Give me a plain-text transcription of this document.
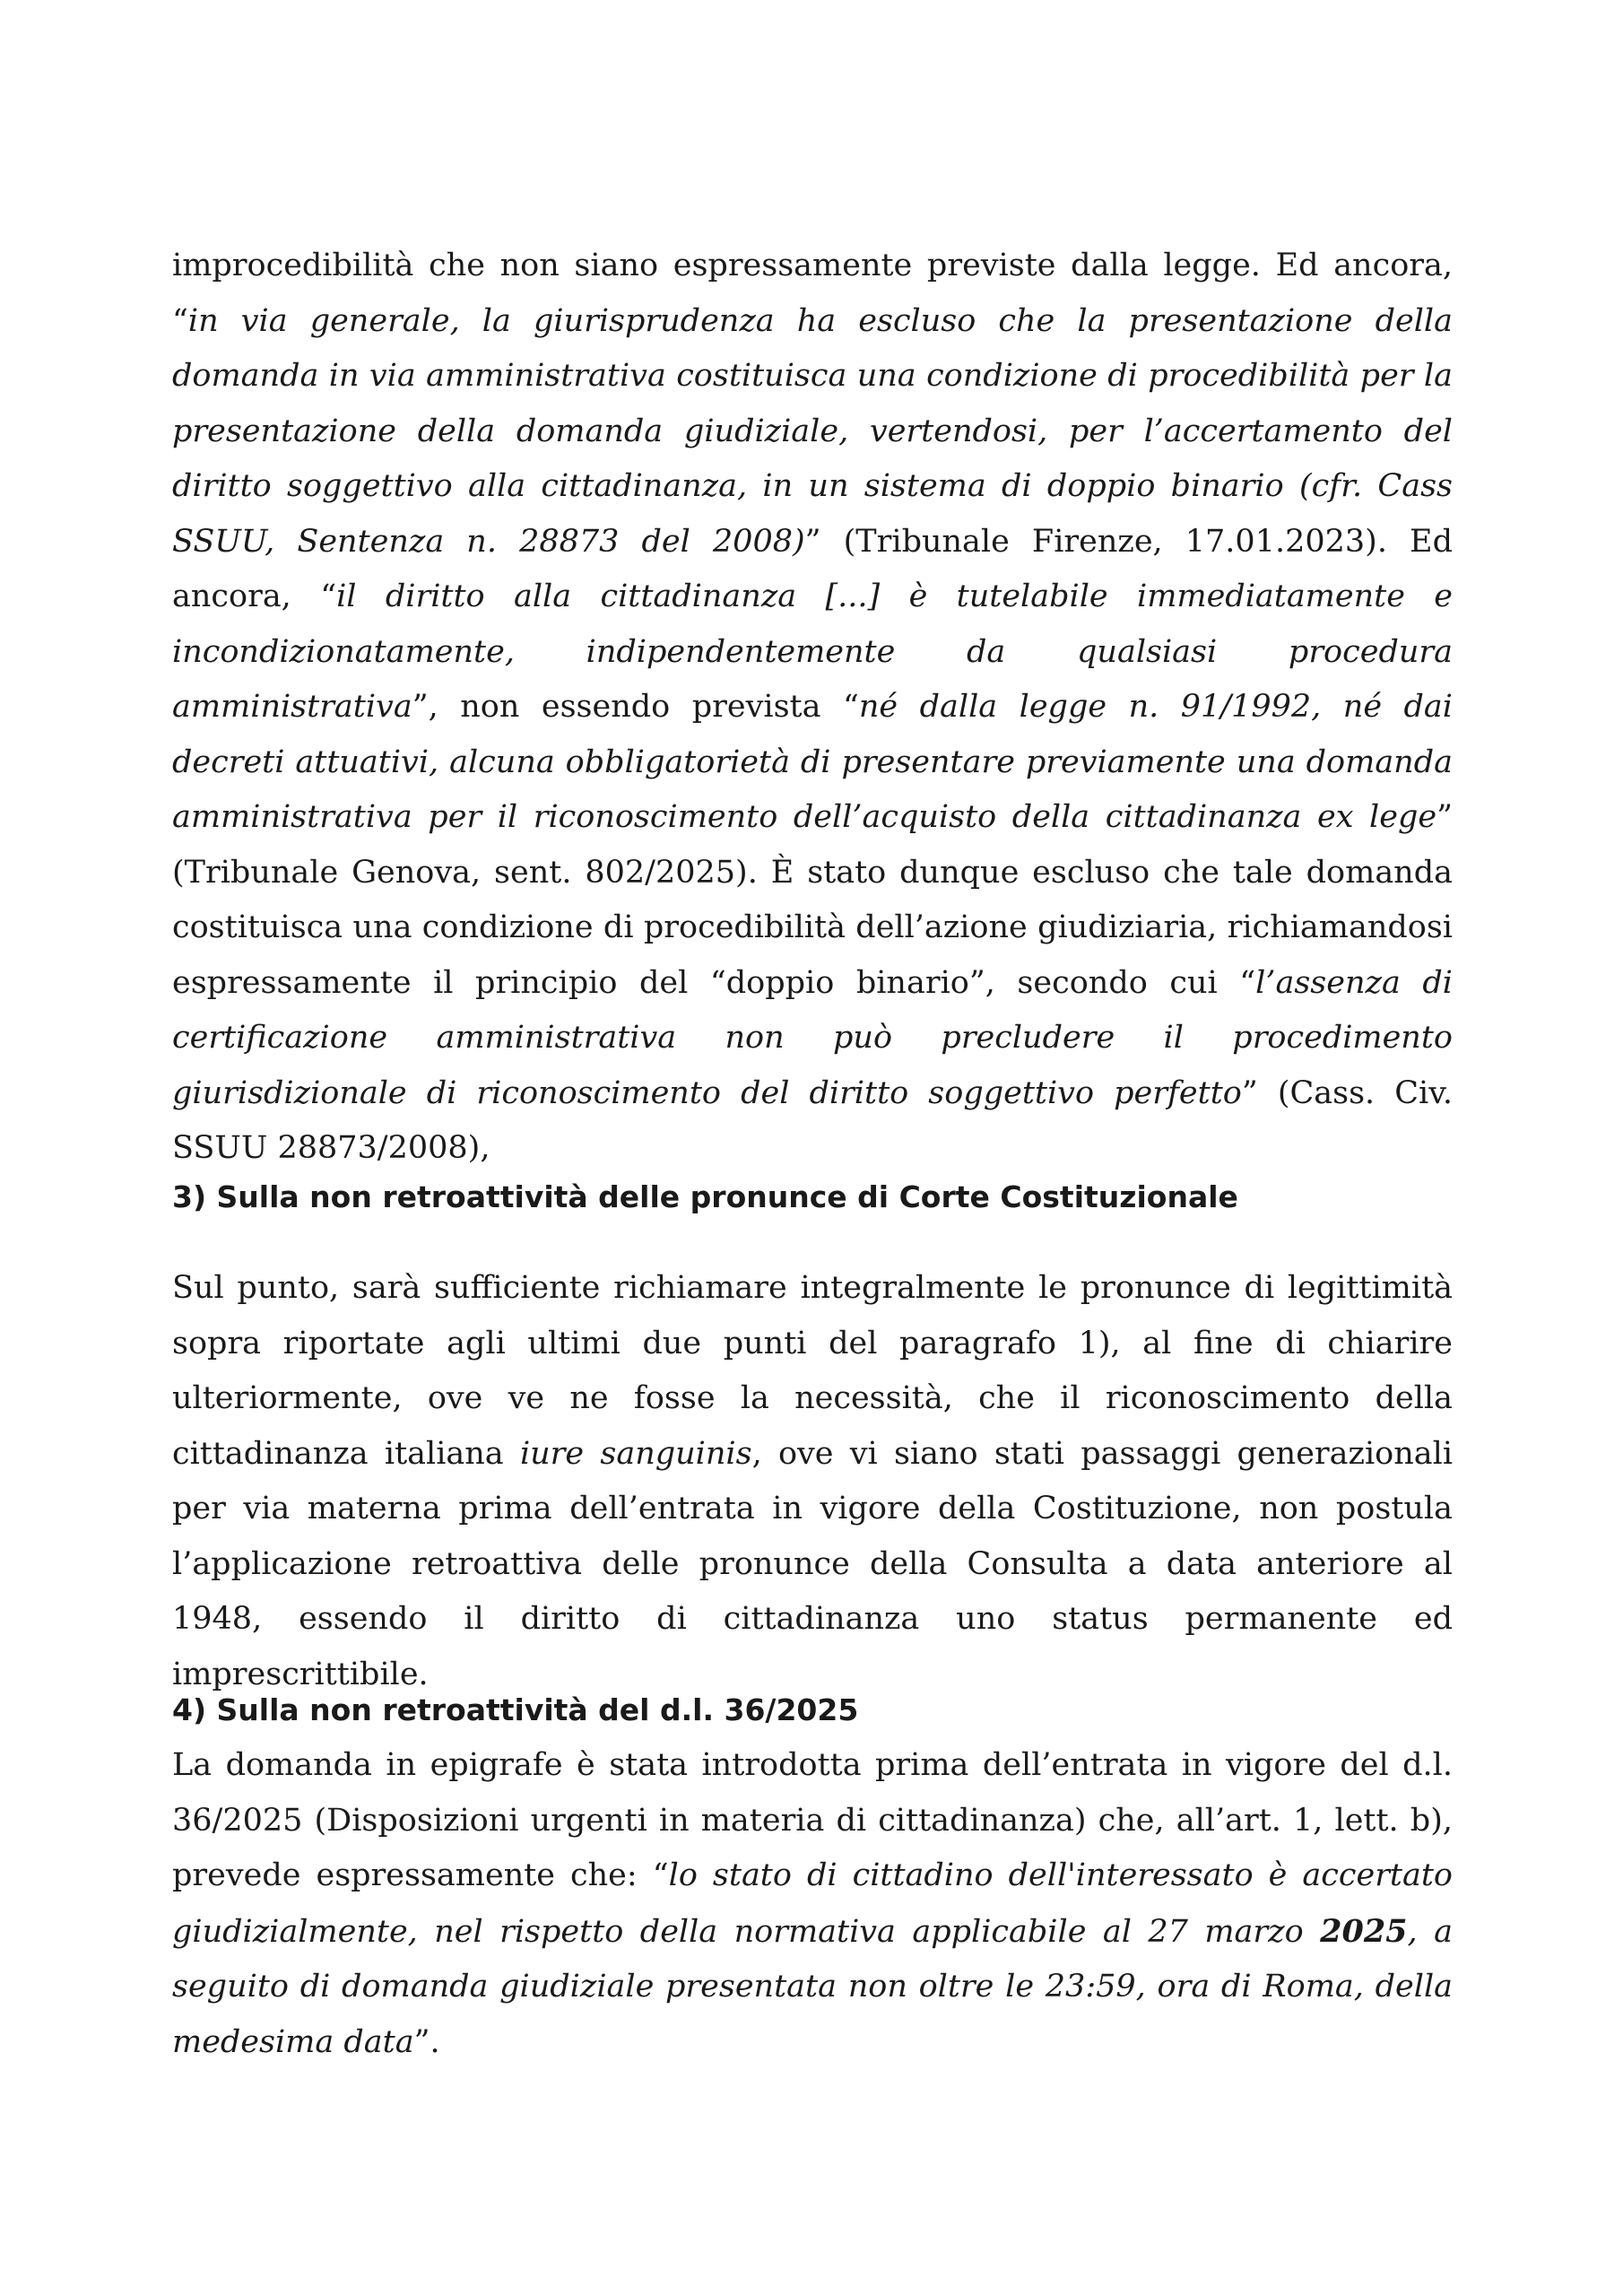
improcedibilità che non siano espressamente previste dalla legge. Ed ancora, “in via generale, la giurisprudenza ha escluso che la presentazione della domanda in via amministrativa costituisca una condizione di procedibilità per la presentazione della domanda giudiziale, vertendosi, per l’accertamento del diritto soggettivo alla cittadinanza, in un sistema di doppio binario (cfr. Cass SSUU, Sentenza n. 28873 del 2008)” (Tribunale Firenze, 17.01.2023). Ed ancora, “il diritto alla cittadinanza [...] è tutelabile immediatamente e incondizionatamente, indipendentemente da qualsiasi procedura amministrativa”, non essendo prevista “né dalla legge n. 91/1992, né dai decreti attuativi, alcuna obbligatorietà di presentare previamente una domanda amministrativa per il riconoscimento dell’acquisto della cittadinanza ex lege” (Tribunale Genova, sent. 802/2025). È stato dunque escluso che tale domanda costituisca una condizione di procedibilità dell’azione giudiziaria, richiamandosi espressamente il principio del “doppio binario”, secondo cui “l’assenza di certificazione amministrativa non può precludere il procedimento giurisdizionale di riconoscimento del diritto soggettivo perfetto” (Cass. Civ. SSUU 28873/2008),

3) Sulla non retroattività delle pronunce di Corte Costituzionale

Sul punto, sarà sufficiente richiamare integralmente le pronunce di legittimità sopra riportate agli ultimi due punti del paragrafo 1), al fine di chiarire ulteriormente, ove ve ne fosse la necessità, che il riconoscimento della cittadinanza italiana iure sanguinis, ove vi siano stati passaggi generazionali per via materna prima dell’entrata in vigore della Costituzione, non postula l’applicazione retroattiva delle pronunce della Consulta a data anteriore al 1948, essendo il diritto di cittadinanza uno status permanente ed imprescrittibile.

4) Sulla non retroattività del d.l. 36/2025

La domanda in epigrafe è stata introdotta prima dell’entrata in vigore del d.l. 36/2025 (Disposizioni urgenti in materia di cittadinanza) che, all’art. 1, lett. b), prevede espressamente che: “lo stato di cittadino dell'interessato è accertato giudizialmente, nel rispetto della normativa applicabile al 27 marzo 2025, a seguito di domanda giudiziale presentata non oltre le 23:59, ora di Roma, della medesima data”.
